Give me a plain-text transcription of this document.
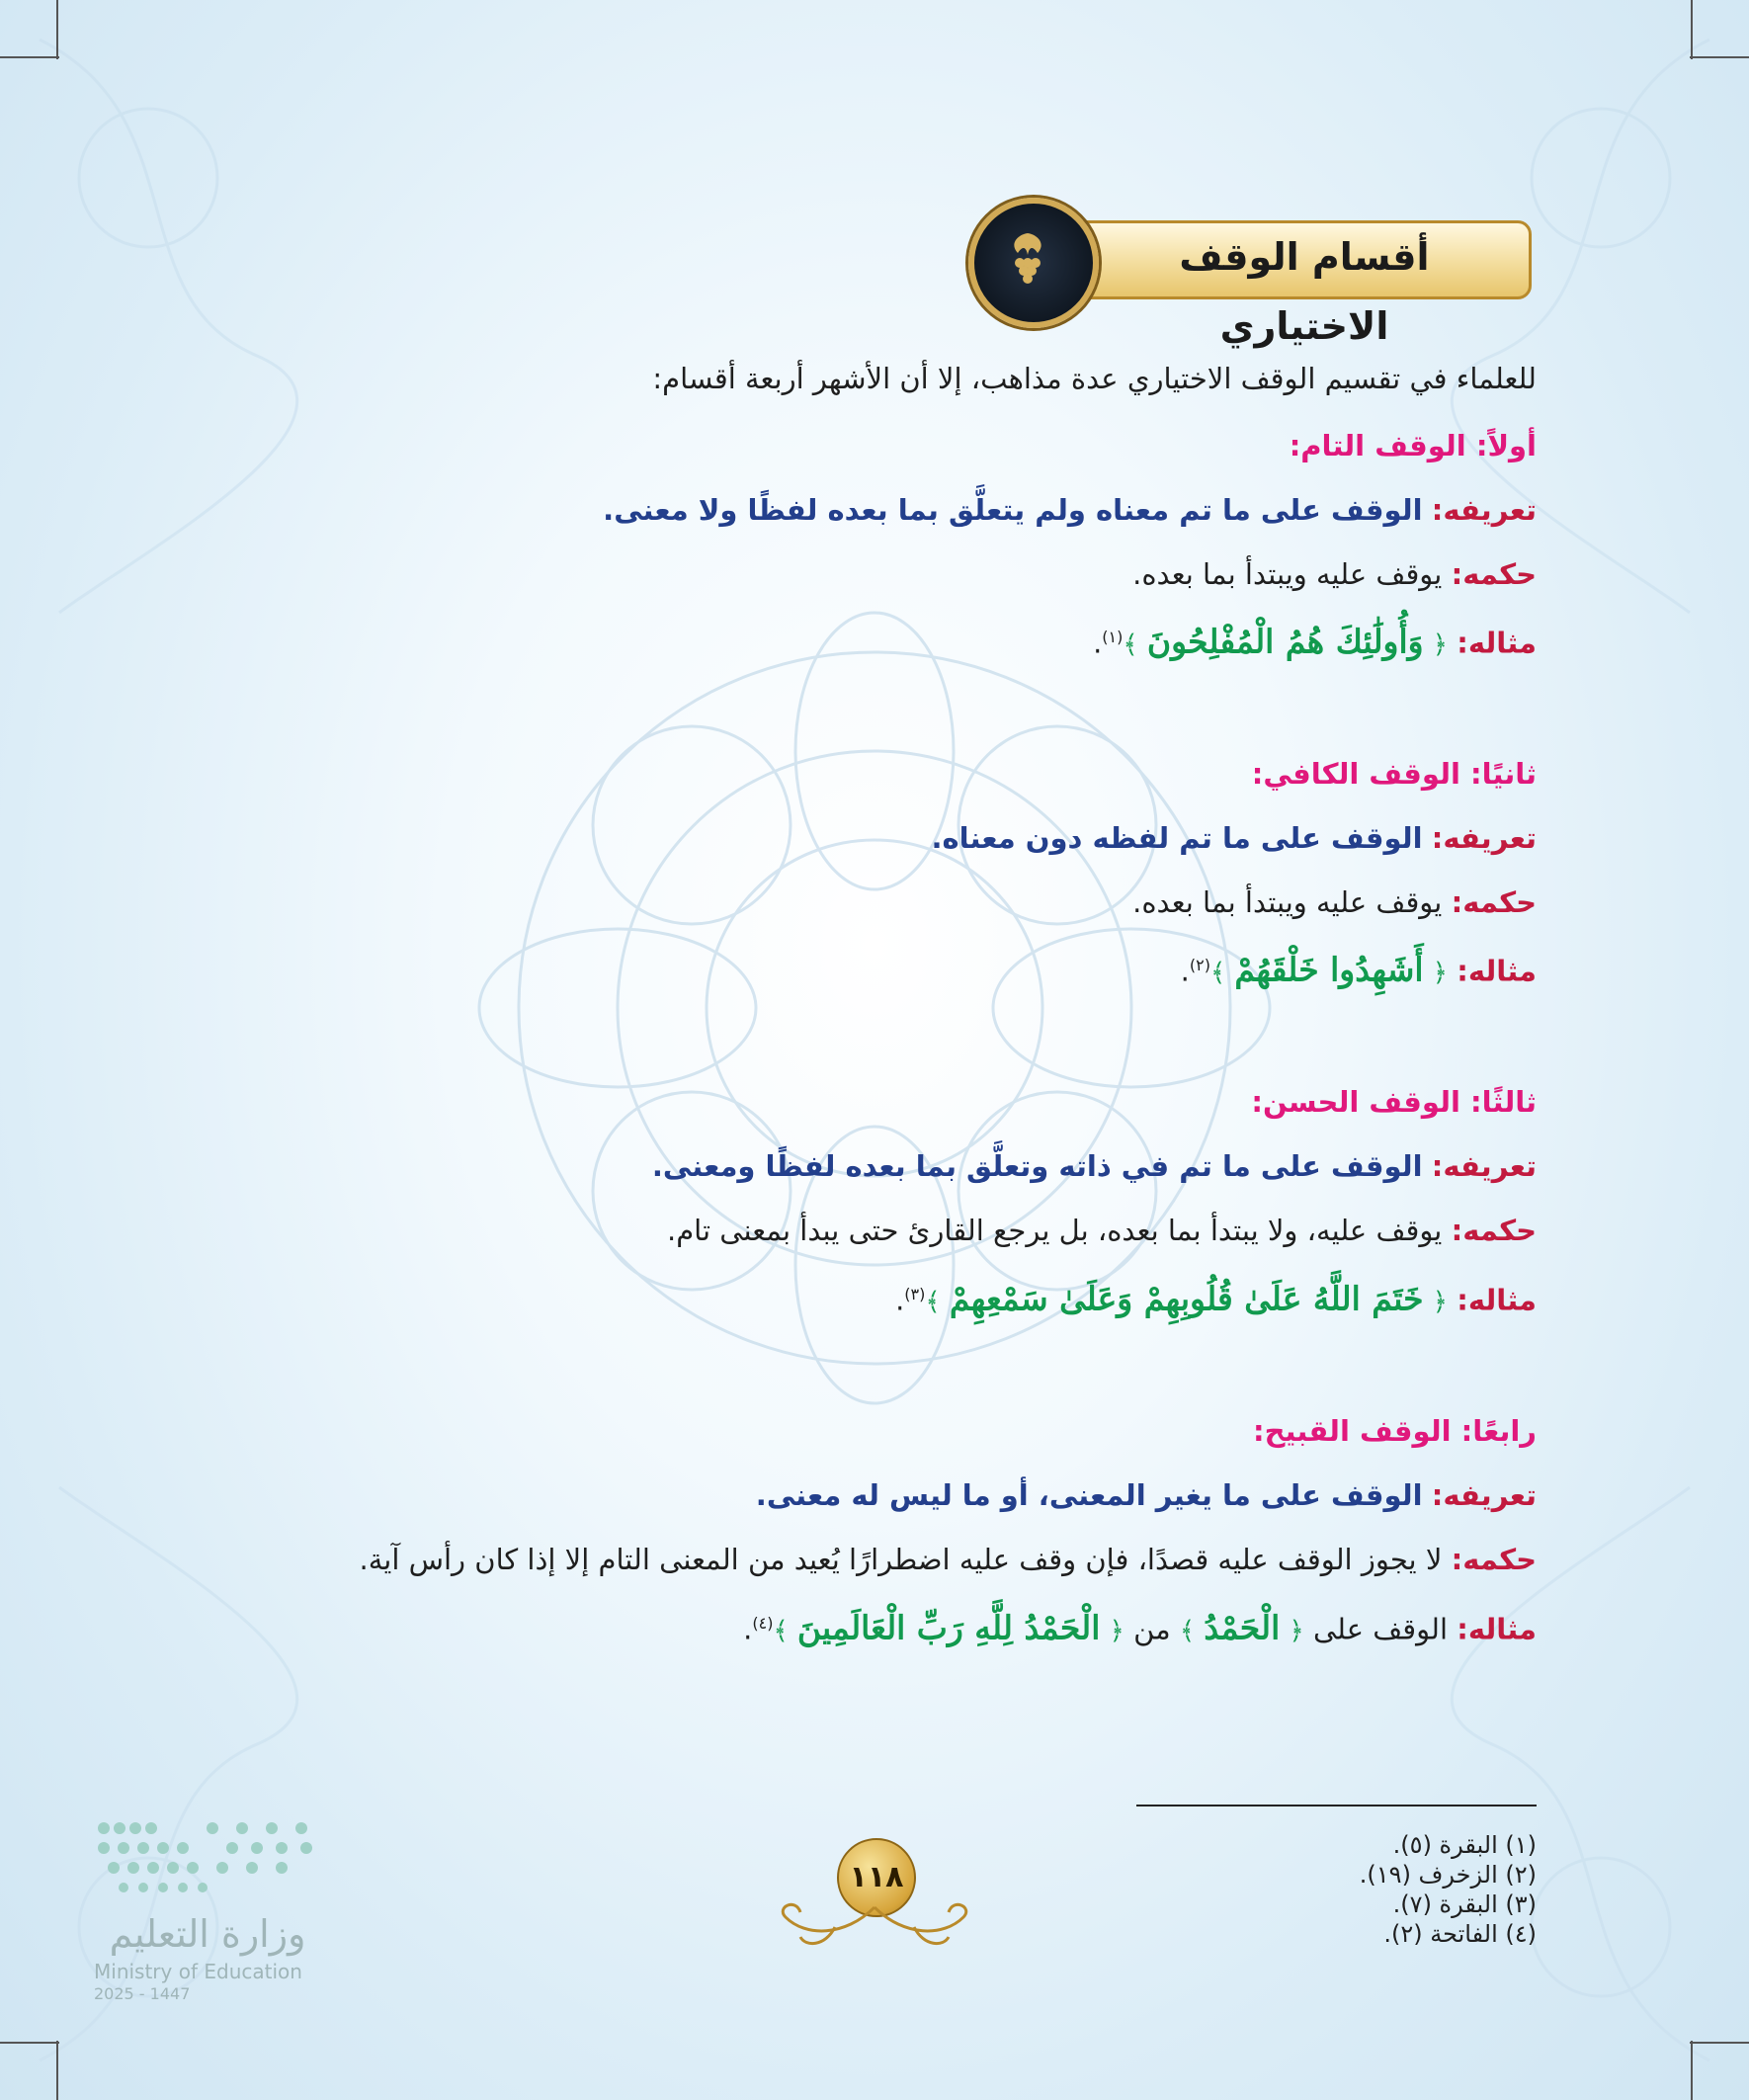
أقسام الوقف الاختياري
للعلماء في تقسيم الوقف الاختياري عدة مذاهب، إلا أن الأشهر أربعة أقسام:
أولاً: الوقف التام:
تعريفه: الوقف على ما تم معناه ولم يتعلَّق بما بعده لفظًا ولا معنى.
حكمه: يوقف عليه ويبتدأ بما بعده.
مثاله: ﴿ وَأُولَٰئِكَ هُمُ الْمُفْلِحُونَ ﴾$^{(١)}$.
ثانيًا: الوقف الكافي:
تعريفه: الوقف على ما تم لفظه دون معناه.
حكمه: يوقف عليه ويبتدأ بما بعده.
مثاله: ﴿ أَشَهِدُوا خَلْقَهُمْ ﴾$^{(٢)}$.
ثالثًا: الوقف الحسن:
تعريفه: الوقف على ما تم في ذاته وتعلَّق بما بعده لفظًا ومعنى.
حكمه: يوقف عليه، ولا يبتدأ بما بعده، بل يرجع القارئ حتى يبدأ بمعنى تام.
مثاله: ﴿ خَتَمَ اللَّهُ عَلَىٰ قُلُوبِهِمْ وَعَلَىٰ سَمْعِهِمْ ﴾$^{(٣)}$.
رابعًا: الوقف القبيح:
تعريفه: الوقف على ما يغير المعنى، أو ما ليس له معنى.
حكمه: لا يجوز الوقف عليه قصدًا، فإن وقف عليه اضطرارًا يُعيد من المعنى التام إلا إذا كان رأس آية.
مثاله: الوقف على ﴿ الْحَمْدُ ﴾ من ﴿ الْحَمْدُ لِلَّهِ رَبِّ الْعَالَمِينَ ﴾$^{(٤)}$.
(١) البقرة (٥).
(٢) الزخرف (١٩).
(٣) البقرة (٧).
(٤) الفاتحة (٢).
١١٨
وزارة التعليم
Ministry of Education
2025 - 1447
